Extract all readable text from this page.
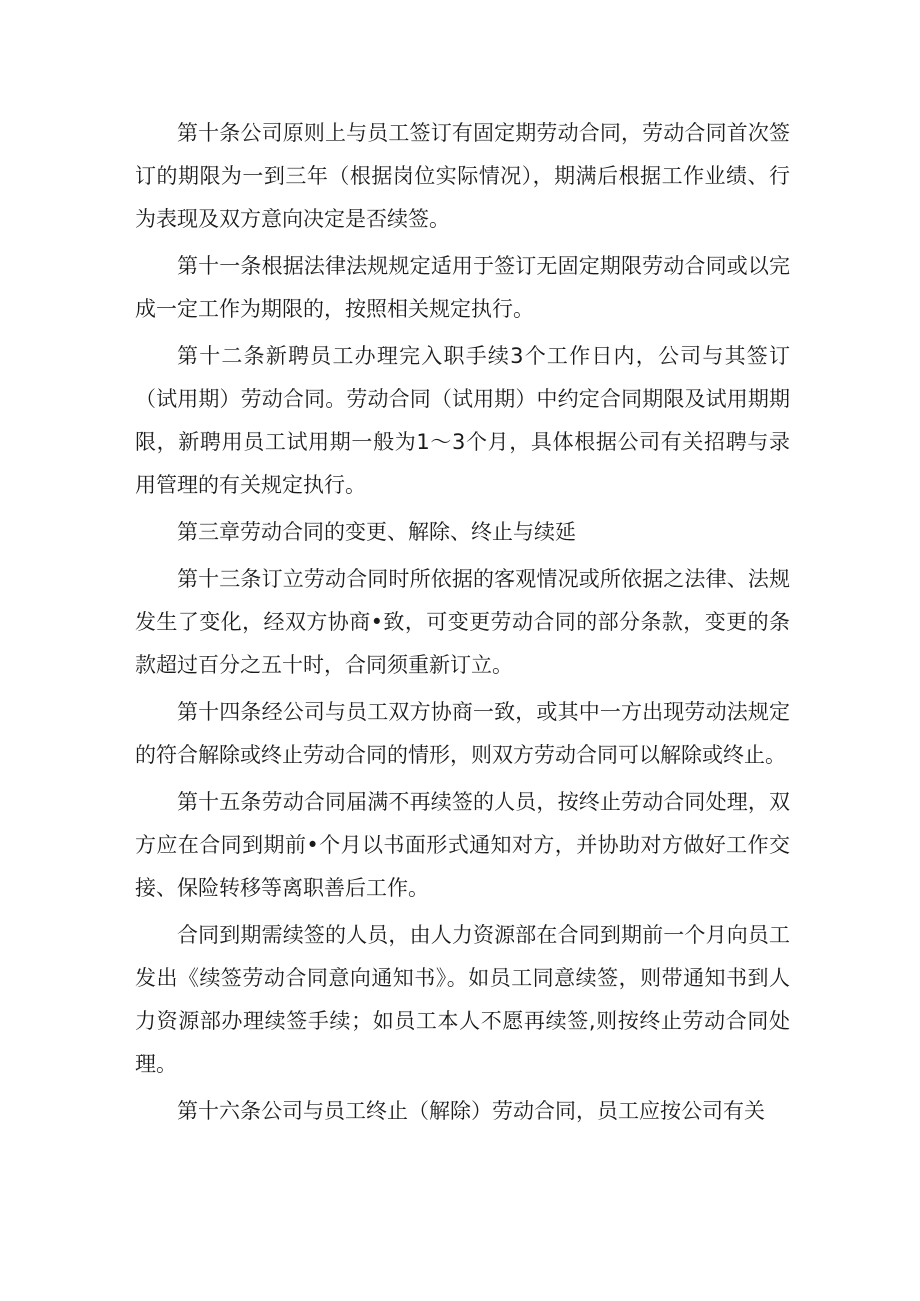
第十条公司原则上与员工签订有固定期劳动合同，劳动合同首次签订的期限为一到三年（根据岗位实际情况），期满后根据工作业绩、行为表现及双方意向决定是否续签。

第十一条根据法律法规规定适用于签订无固定期限劳动合同或以完成一定工作为期限的，按照相关规定执行。

第十二条新聘员工办理完入职手续3个工作日内，公司与其签订（试用期）劳动合同。劳动合同（试用期）中约定合同期限及试用期期限，新聘用员工试用期一般为1〜3个月，具体根据公司有关招聘与录用管理的有关规定执行。

第三章劳动合同的变更、解除、终止与续延

第十三条订立劳动合同时所依据的客观情况或所依据之法律、法规发生了变化，经双方协商•致，可变更劳动合同的部分条款，变更的条款超过百分之五十时，合同须重新订立。

第十四条经公司与员工双方协商一致，或其中一方出现劳动法规定的符合解除或终止劳动合同的情形，则双方劳动合同可以解除或终止。

第十五条劳动合同届满不再续签的人员，按终止劳动合同处理，双方应在合同到期前•个月以书面形式通知对方，并协助对方做好工作交接、保险转移等离职善后工作。

合同到期需续签的人员，由人力资源部在合同到期前一个月向员工发出《续签劳动合同意向通知书》。如员工同意续签，则带通知书到人力资源部办理续签手续；如员工本人不愿再续签,则按终止劳动合同处理。

第十六条公司与员工终止（解除）劳动合同，员工应按公司有关
